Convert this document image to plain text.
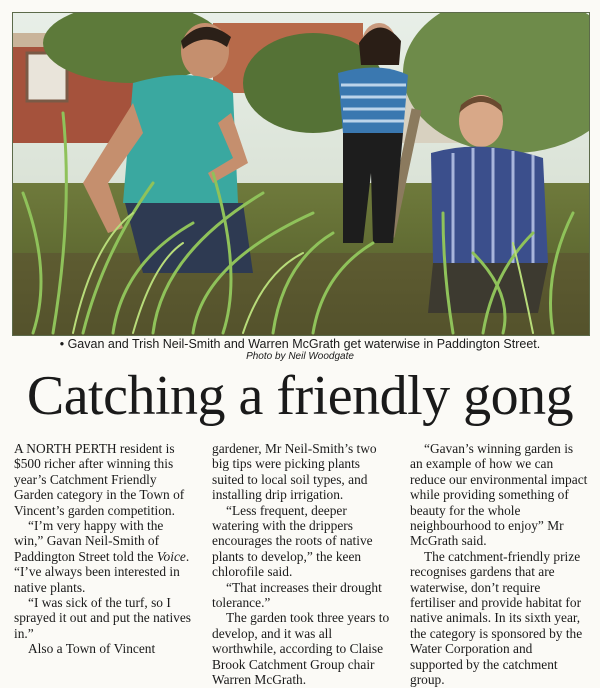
• Gavan and Trish Neil-Smith and Warren McGrath get waterwise in Paddington Street.
Photo by Neil Woodgate
Catching a friendly gong

A NORTH PERTH resident is $500 richer after winning this year’s Catchment Friendly Garden category in the Town of Vincent’s garden competition.

“I’m very happy with the win,” Gavan Neil-Smith of Paddington Street told the Voice. “I’ve always been interested in native plants.

“I was sick of the turf, so I sprayed it out and put the natives in.”

Also a Town of Vincent

gardener, Mr Neil-Smith’s two big tips were picking plants suited to local soil types, and installing drip irrigation.

“Less frequent, deeper watering with the drippers encourages the roots of native plants to develop,” the keen chlorofile said.

“That increases their drought tolerance.”

The garden took three years to develop, and it was all worthwhile, according to Claise Brook Catchment Group chair Warren McGrath.

“Gavan’s winning garden is an example of how we can reduce our environmental impact while providing something of beauty for the whole neighbourhood to enjoy” Mr McGrath said.

The catchment-friendly prize recognises gardens that are waterwise, don’t require fertiliser and provide habitat for native animals. In its sixth year, the category is sponsored by the Water Corporation and supported by the catchment group.
